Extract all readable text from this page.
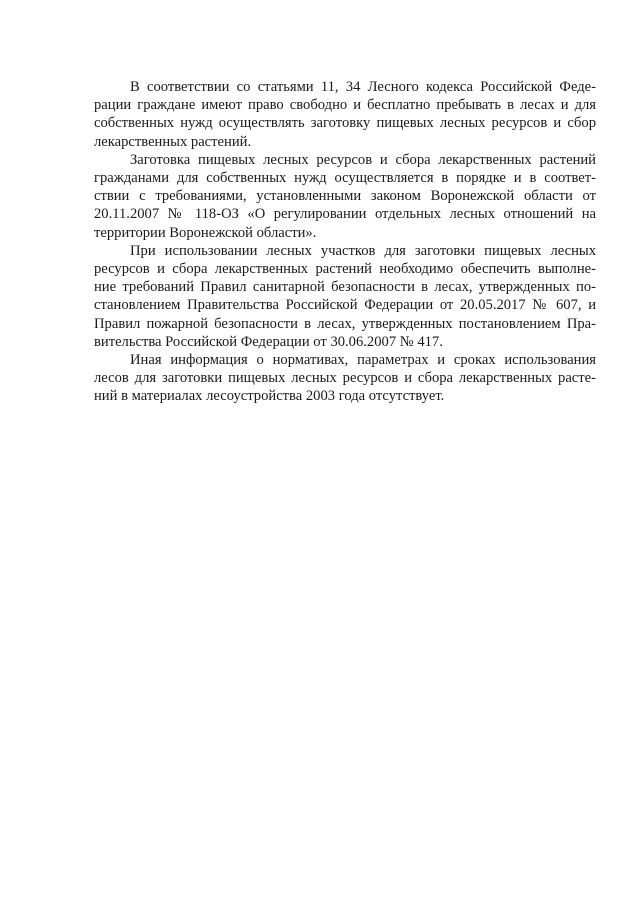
В соответствии со статьями 11, 34 Лесного кодекса Российской Феде-
рации граждане имеют право свободно и бесплатно пребывать в лесах и для
собственных нужд осуществлять заготовку пищевых лесных ресурсов и сбор
лекарственных растений.
Заготовка пищевых лесных ресурсов и сбора лекарственных растений
гражданами для собственных нужд осуществляется в порядке и в соответ-
ствии с требованиями, установленными законом Воронежской области от
20.11.2007 № 118-ОЗ «О регулировании отдельных лесных отношений на
территории Воронежской области».
При использовании лесных участков для заготовки пищевых лесных
ресурсов и сбора лекарственных растений необходимо обеспечить выполне-
ние требований Правил санитарной безопасности в лесах, утвержденных по-
становлением Правительства Российской Федерации от 20.05.2017 № 607, и
Правил пожарной безопасности в лесах, утвержденных постановлением Пра-
вительства Российской Федерации от 30.06.2007 № 417.
Иная информация о нормативах, параметрах и сроках использования
лесов для заготовки пищевых лесных ресурсов и сбора лекарственных расте-
ний в материалах лесоустройства 2003 года отсутствует.
